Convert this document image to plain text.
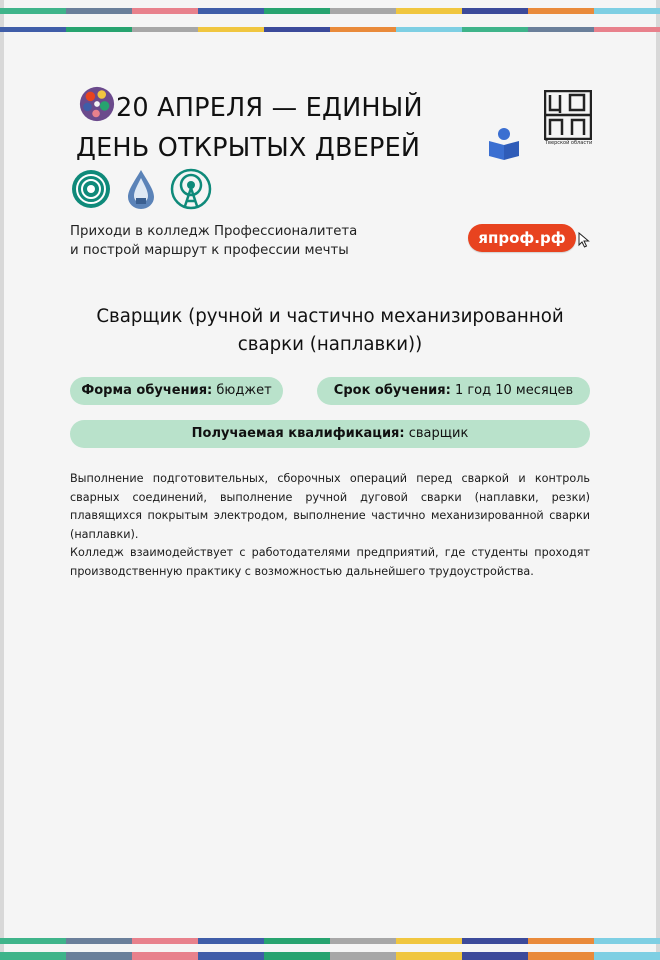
20 АПРЕЛЯ — ЕДИНЫЙ
ДЕНЬ ОТКРЫТЫХ ДВЕРЕЙ	Тверской области
Приходи в колледж Профессионалитета
и построй маршрут к профессии мечты
япроф.рф
Сварщик (ручной и частично механизированной
сварки (наплавки))
Форма обучения: бюджет	Срок обучения: 1 год 10 месяцев
Получаемая квалификация: сварщик
Выполнение подготовительных, сборочных операций перед сваркой и контроль сварных соединений, выполнение ручной дуговой сварки (наплавки, резки) плавящихся покрытым электродом, выполнение частично механизированной сварки (наплавки).
Колледж взаимодействует с работодателями предприятий, где студенты проходят производственную практику с возможностью дальнейшего трудоустройства.
